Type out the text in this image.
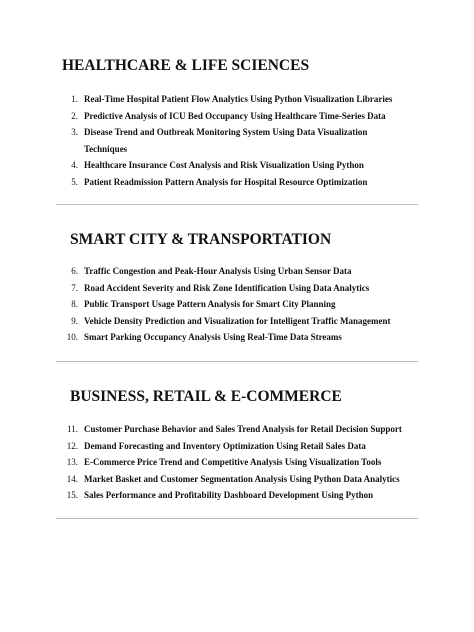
HEALTHCARE & LIFE SCIENCES
1. Real-Time Hospital Patient Flow Analytics Using Python Visualization Libraries
2. Predictive Analysis of ICU Bed Occupancy Using Healthcare Time-Series Data
3. Disease Trend and Outbreak Monitoring System Using Data Visualization Techniques
4. Healthcare Insurance Cost Analysis and Risk Visualization Using Python
5. Patient Readmission Pattern Analysis for Hospital Resource Optimization
SMART CITY & TRANSPORTATION
6. Traffic Congestion and Peak-Hour Analysis Using Urban Sensor Data
7. Road Accident Severity and Risk Zone Identification Using Data Analytics
8. Public Transport Usage Pattern Analysis for Smart City Planning
9. Vehicle Density Prediction and Visualization for Intelligent Traffic Management
10. Smart Parking Occupancy Analysis Using Real-Time Data Streams
BUSINESS, RETAIL & E-COMMERCE
11. Customer Purchase Behavior and Sales Trend Analysis for Retail Decision Support
12. Demand Forecasting and Inventory Optimization Using Retail Sales Data
13. E-Commerce Price Trend and Competitive Analysis Using Visualization Tools
14. Market Basket and Customer Segmentation Analysis Using Python Data Analytics
15. Sales Performance and Profitability Dashboard Development Using Python
